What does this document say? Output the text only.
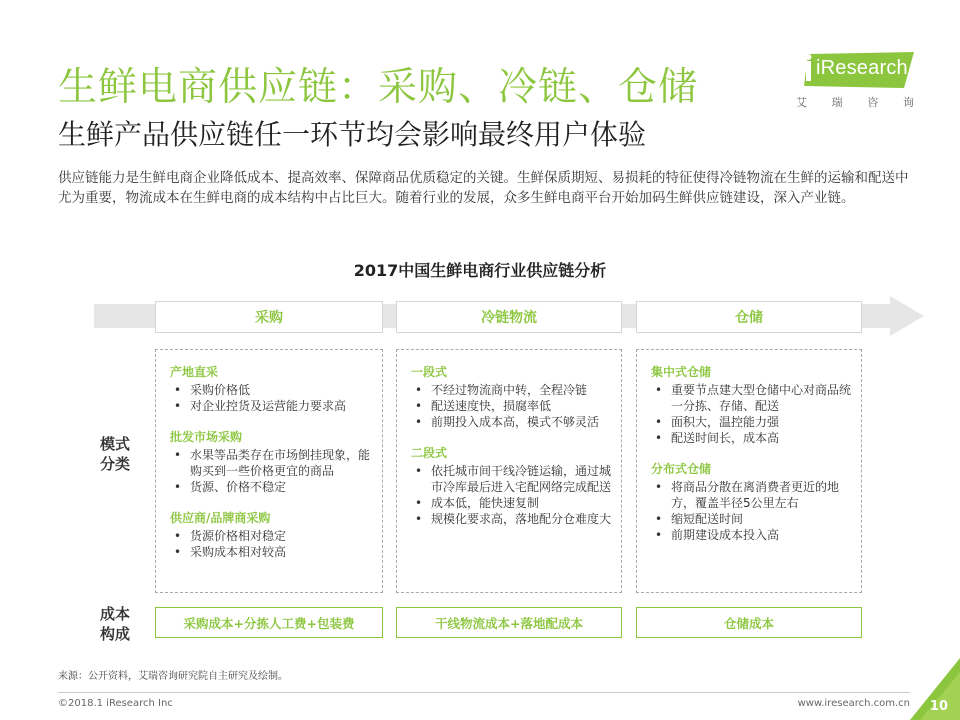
生鲜电商供应链：采购、冷链、仓储
生鲜产品供应链任一环节均会影响最终用户体验

供应链能力是生鲜电商企业降低成本、提高效率、保障商品优质稳定的关键。生鲜保质期短、易损耗的特征使得冷链物流在生鲜的运输和配送中尤为重要，物流成本在生鲜电商的成本结构中占比巨大。随着行业的发展，众多生鲜电商平台开始加码生鲜供应链建设，深入产业链。

iResearch
艾 瑞 咨 询
2017中国生鲜电商行业供应链分析
采购	冷链物流	仓储
模式
分类
成本
构成
产地直采
• 采购价格低
• 对企业控货及运营能力要求高
批发市场采购
• 水果等品类存在市场倒挂现象，能购买到一些价格更宜的商品
• 货源、价格不稳定
供应商/品牌商采购
• 货源价格相对稳定
• 采购成本相对较高
一段式
• 不经过物流商中转，全程冷链
• 配送速度快，损腐率低
• 前期投入成本高，模式不够灵活
二段式
• 依托城市间干线冷链运输，通过城市冷库最后进入宅配网络完成配送
• 成本低，能快速复制
• 规模化要求高，落地配分仓难度大
集中式仓储
• 重要节点建大型仓储中心对商品统一分拣、存储、配送
• 面积大，温控能力强
• 配送时间长，成本高
分布式仓储
• 将商品分散在离消费者更近的地方，覆盖半径5公里左右
• 缩短配送时间
• 前期建设成本投入高
采购成本+分拣人工费+包装费	干线物流成本+落地配成本	仓储成本
来源：公开资料，艾瑞咨询研究院自主研究及绘制。
©2018.1 iResearch Inc	www.iresearch.com.cn 10
